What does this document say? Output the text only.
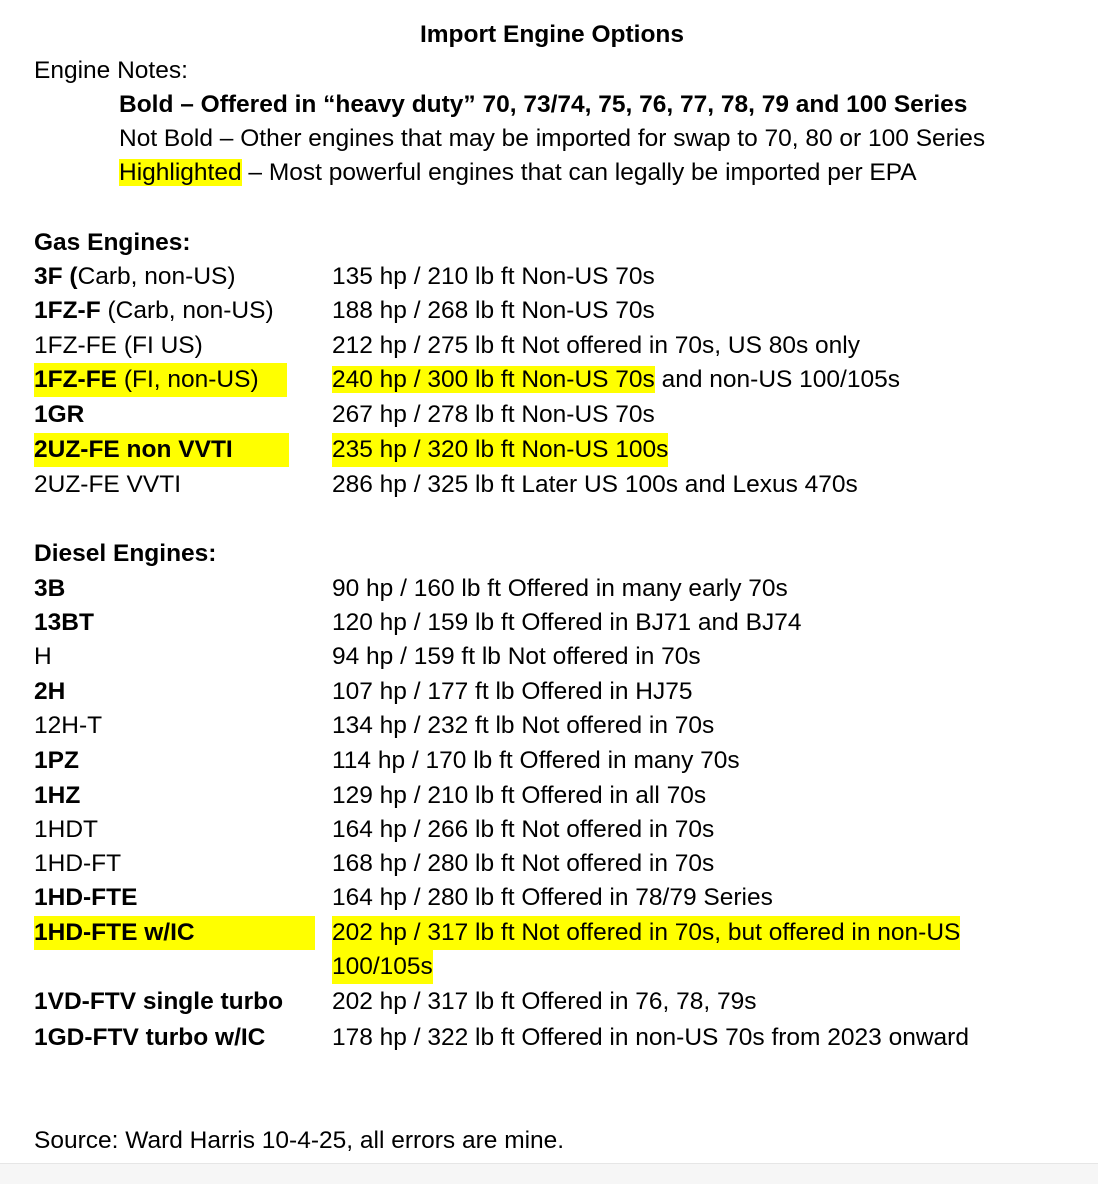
Import Engine Options
Engine Notes:
Bold – Offered in “heavy duty” 70, 73/74, 75, 76, 77, 78, 79 and 100 Series
Not Bold – Other engines that may be imported for swap to 70, 80 or 100 Series
Highlighted – Most powerful engines that can legally be imported per EPA
Gas Engines:
3F (Carb, non-US)	135 hp / 210 lb ft Non-US 70s
1FZ-F (Carb, non-US) 188 hp / 268 lb ft Non-US 70s
1FZ-FE (FI US)	212 hp / 275 lb ft Not offered in 70s, US 80s only
1FZ-FE (FI, non-US)	240 hp / 300 lb ft Non-US 70s and non-US 100/105s
1GR	267 hp / 278 lb ft Non-US 70s
2UZ-FE non VVTI	235 hp / 320 lb ft Non-US 100s
2UZ-FE VVTI	286 hp / 325 lb ft Later US 100s and Lexus 470s
Diesel Engines:
3B	90 hp / 160 lb ft Offered in many early 70s
13BT	120 hp / 159 lb ft Offered in BJ71 and BJ74
H	94 hp / 159 ft lb Not offered in 70s
2H	107 hp / 177 ft lb Offered in HJ75
12H-T	134 hp / 232 ft lb Not offered in 70s
1PZ	114 hp / 170 lb ft Offered in many 70s
1HZ	129 hp / 210 lb ft Offered in all 70s
1HDT	164 hp / 266 lb ft Not offered in 70s
1HD-FT	168 hp / 280 lb ft Not offered in 70s
1HD-FTE	164 hp / 280 lb ft Offered in 78/79 Series
1HD-FTE w/IC	202 hp / 317 lb ft Not offered in 70s, but offered in non-US
100/105s
1VD-FTV single turbo 202 hp / 317 lb ft Offered in 76, 78, 79s
1GD-FTV turbo w/IC	178 hp / 322 lb ft Offered in non-US 70s from 2023 onward
Source: Ward Harris 10-4-25, all errors are mine.
